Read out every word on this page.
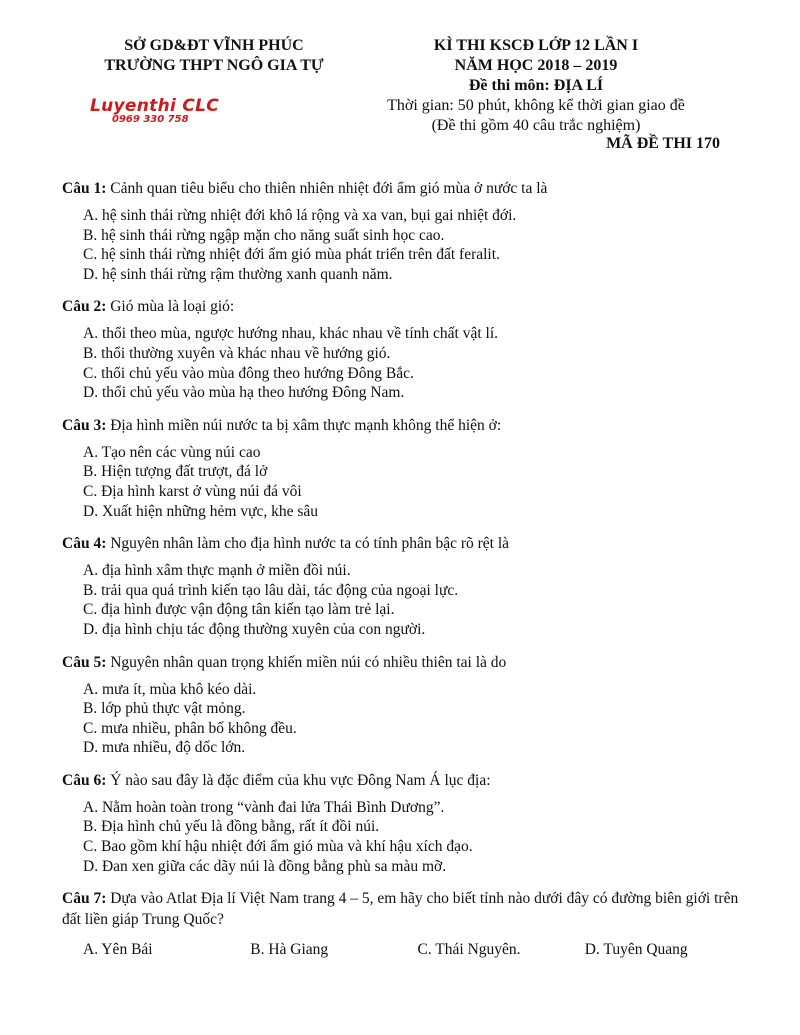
SỞ GD&ĐT VĨNH PHÚC
TRƯỜNG THPT NGÔ GIA TỰ
Luyenthi CLC
0969 330 758
KÌ THI KSCĐ LỚP 12 LẦN I
NĂM HỌC 2018 – 2019
Đề thi môn: ĐỊA LÍ
Thời gian: 50 phút, không kể thời gian giao đề
(Đề thi gồm 40 câu trắc nghiệm)
MÃ ĐỀ THI 170
Câu 1: Cảnh quan tiêu biểu cho thiên nhiên nhiệt đới ẩm gió mùa ở nước ta là
A. hệ sinh thái rừng nhiệt đới khô lá rộng và xa van, bụi gai nhiệt đới.
B. hệ sinh thái rừng ngập mặn cho năng suất sinh học cao.
C. hệ sinh thái rừng nhiệt đới ẩm gió mùa phát triển trên đất feralit.
D. hệ sinh thái rừng rậm thường xanh quanh năm.
Câu 2: Gió mùa là loại gió:
A. thổi theo mùa, ngược hướng nhau, khác nhau về tính chất vật lí.
B. thổi thường xuyên và khác nhau về hướng gió.
C. thổi chủ yếu vào mùa đông theo hướng Đông Bắc.
D. thổi chủ yếu vào mùa hạ theo hướng Đông Nam.
Câu 3: Địa hình miền núi nước ta bị xâm thực mạnh không thể hiện ở:
A. Tạo nên các vùng núi cao
B. Hiện tượng đất trượt, đá lở
C. Địa hình karst ở vùng núi đá vôi
D. Xuất hiện những hẻm vực, khe sâu
Câu 4: Nguyên nhân làm cho địa hình nước ta có tính phân bậc rõ rệt là
A. địa hình xâm thực mạnh ở miền đồi núi.
B. trải qua quá trình kiến tạo lâu dài, tác động của ngoại lực.
C. địa hình được vận động tân kiến tạo làm trẻ lại.
D. địa hình chịu tác động thường xuyên của con người.
Câu 5: Nguyên nhân quan trọng khiến miền núi có nhiều thiên tai là do
A. mưa ít, mùa khô kéo dài.
B. lớp phủ thực vật mỏng.
C. mưa nhiều, phân bố không đều.
D. mưa nhiều, độ dốc lớn.
Câu 6: Ý nào sau đây là đặc điểm của khu vực Đông Nam Á lục địa:
A. Nằm hoàn toàn trong “vành đai lửa Thái Bình Dương”.
B. Địa hình chủ yếu là đồng bằng, rất ít đồi núi.
C. Bao gồm khí hậu nhiệt đới ẩm gió mùa và khí hậu xích đạo.
D. Đan xen giữa các dãy núi là đồng bằng phù sa màu mỡ.
Câu 7: Dựa vào Atlat Địa lí Việt Nam trang 4 – 5, em hãy cho biết tỉnh nào dưới đây có đường biên giới trên đất liền giáp Trung Quốc?
A. Yên Bái	B. Hà Giang	C. Thái Nguyên.	D. Tuyên Quang
